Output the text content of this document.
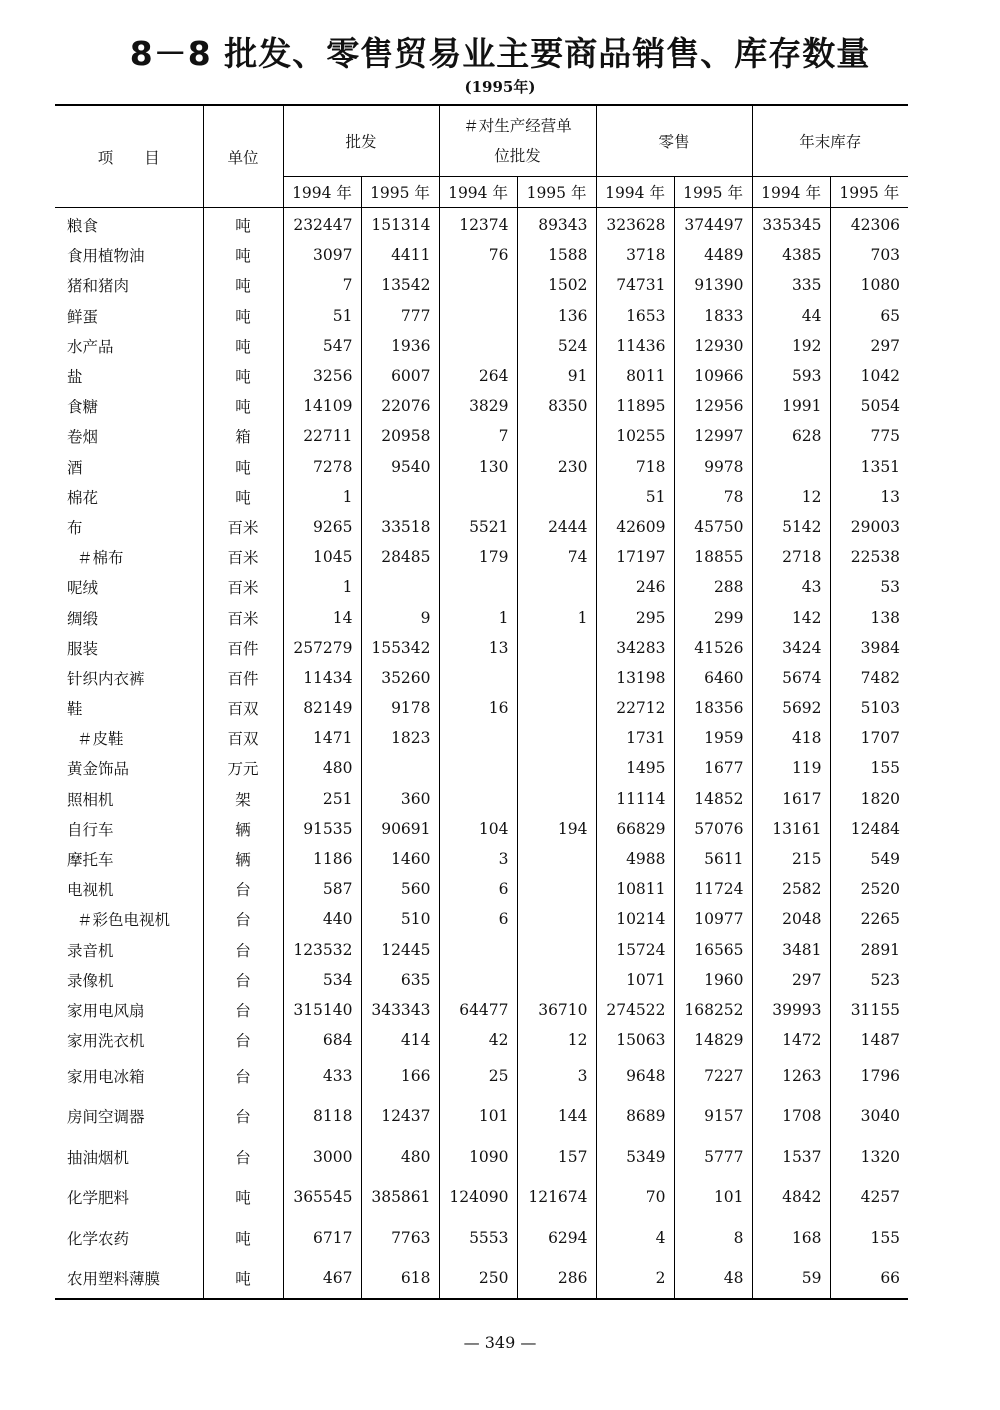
8－8 批发、零售贸易业主要商品销售、库存数量
(1995年)
项　　目	单位	批发		＃对生产经营单位批发		零售		年末库存	
		1994 年	1995 年	1994 年	1995 年	1994 年	1995 年	1994 年	1995 年
粮食	吨	232447	151314	12374	89343	323628	374497	335345	42306
食用植物油	吨	3097	4411	76	1588	3718	4489	4385	703
猪和猪肉	吨	7	13542		1502	74731	91390	335	1080
鲜蛋	吨	51	777		136	1653	1833	44	65
水产品	吨	547	1936		524	11436	12930	192	297
盐	吨	3256	6007	264	91	8011	10966	593	1042
食糖	吨	14109	22076	3829	8350	11895	12956	1991	5054
卷烟	箱	22711	20958	7		10255	12997	628	775
酒	吨	7278	9540	130	230	718	9978		1351
棉花	吨	1				51	78	12	13
布	百米	9265	33518	5521	2444	42609	45750	5142	29003
＃棉布	百米	1045	28485	179	74	17197	18855	2718	22538
呢绒	百米	1				246	288	43	53
绸缎	百米	14	9	1	1	295	299	142	138
服装	百件	257279	155342	13		34283	41526	3424	3984
针织内衣裤	百件	11434	35260			13198	6460	5674	7482
鞋	百双	82149	9178	16		22712	18356	5692	5103
＃皮鞋	百双	1471	1823			1731	1959	418	1707
黄金饰品	万元	480				1495	1677	119	155
照相机	架	251	360			11114	14852	1617	1820
自行车	辆	91535	90691	104	194	66829	57076	13161	12484
摩托车	辆	1186	1460	3		4988	5611	215	549
电视机	台	587	560	6		10811	11724	2582	2520
＃彩色电视机	台	440	510	6		10214	10977	2048	2265
录音机	台	123532	12445			15724	16565	3481	2891
录像机	台	534	635			1071	1960	297	523
家用电风扇	台	315140	343343	64477	36710	274522	168252	39993	31155
家用洗衣机	台	684	414	42	12	15063	14829	1472	1487
家用电冰箱	台	433	166	25	3	9648	7227	1263	1796
房间空调器	台	8118	12437	101	144	8689	9157	1708	3040
抽油烟机	台	3000	480	1090	157	5349	5777	1537	1320
化学肥料	吨	365545	385861	124090	121674	70	101	4842	4257
化学农药	吨	6717	7763	5553	6294	4	8	168	155
农用塑料薄膜	吨	467	618	250	286	2	48	59	66
— 349 —
